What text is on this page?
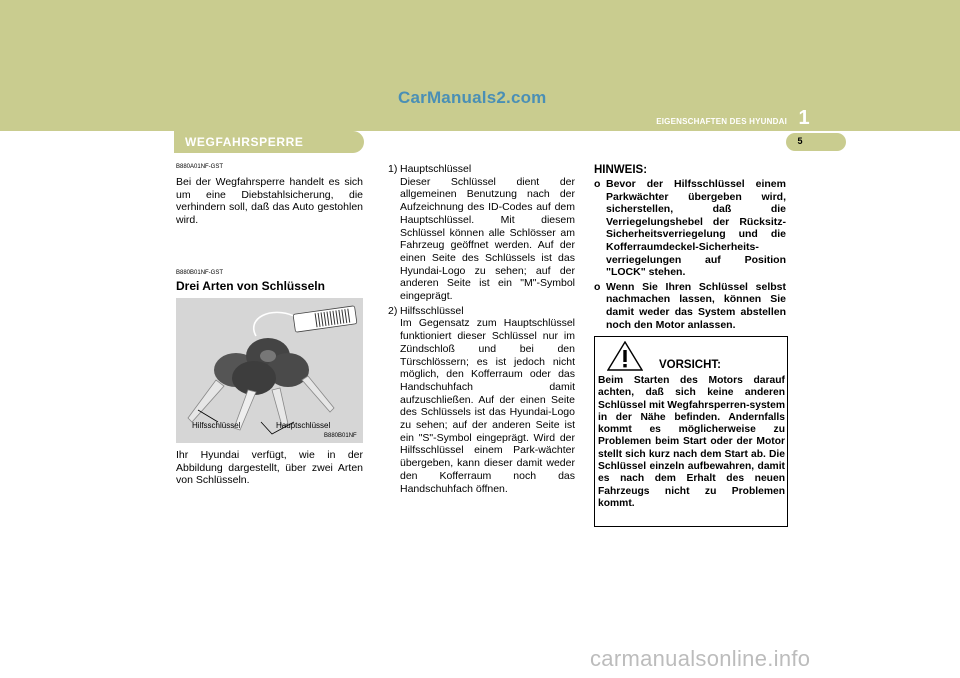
CarManuals2.com
1
EIGENSCHAFTEN DES HYUNDAI
5
WEGFAHRSPERRE
B880A01NF-GST
Bei der Wegfahrsperre handelt es sich um eine Diebstahlsicherung, die verhindern soll, daß das Auto gestohlen wird.
B880B01NF-GST
Drei Arten von Schlüsseln
Hilfsschlüssel	Hauptschlüssel
B880B01NF
Ihr Hyundai verfügt, wie in der Abbildung dargestellt, über zwei Arten von Schlüsseln.
1) Hauptschlüssel
Dieser Schlüssel dient der allgemeinen Benutzung nach der Aufzeichnung des ID-Codes auf dem Hauptschlüssel. Mit diesem Schlüssel können alle Schlösser am Fahrzeug geöffnet werden. Auf der einen Seite des Schlüssels ist das Hyundai-Logo zu sehen; auf der anderen Seite ist ein "M"-Symbol eingeprägt.
2) Hilfsschlüssel
Im Gegensatz zum Hauptschlüssel funktioniert dieser Schlüssel nur im Zündschloß und bei den Türschlössern; es ist jedoch nicht möglich, den Kofferraum oder das Handschuhfach damit aufzuschließen. Auf der einen Seite des Schlüssels ist das Hyundai-Logo zu sehen; auf der anderen Seite ist ein "S"-Symbol eingeprägt. Wird der Hilfsschlüssel einem Park-wächter übergeben, kann dieser damit weder den Kofferraum noch das Handschuhfach öffnen.
HINWEIS:
o Bevor der Hilfsschlüssel einem Parkwächter übergeben wird, sicherstellen, daß die Verriegelungshebel der Rücksitz-Sicherheitsverriegelung und die Kofferraumdeckel-Sicherheits-verriegelungen auf Position "LOCK" stehen.
o Wenn Sie Ihren Schlüssel selbst nachmachen lassen, können Sie damit weder das System abstellen noch den Motor anlassen.
VORSICHT:
Beim Starten des Motors darauf achten, daß sich keine anderen Schlüssel mit Wegfahrsperren-system in der Nähe befinden. Andernfalls kommt es möglicherweise zu Problemen beim Start oder der Motor stellt sich kurz nach dem Start ab. Die Schlüssel einzeln aufbewahren, damit es nach dem Erhalt des neuen Fahrzeugs nicht zu Problemen kommt.
carmanualsonline.info
